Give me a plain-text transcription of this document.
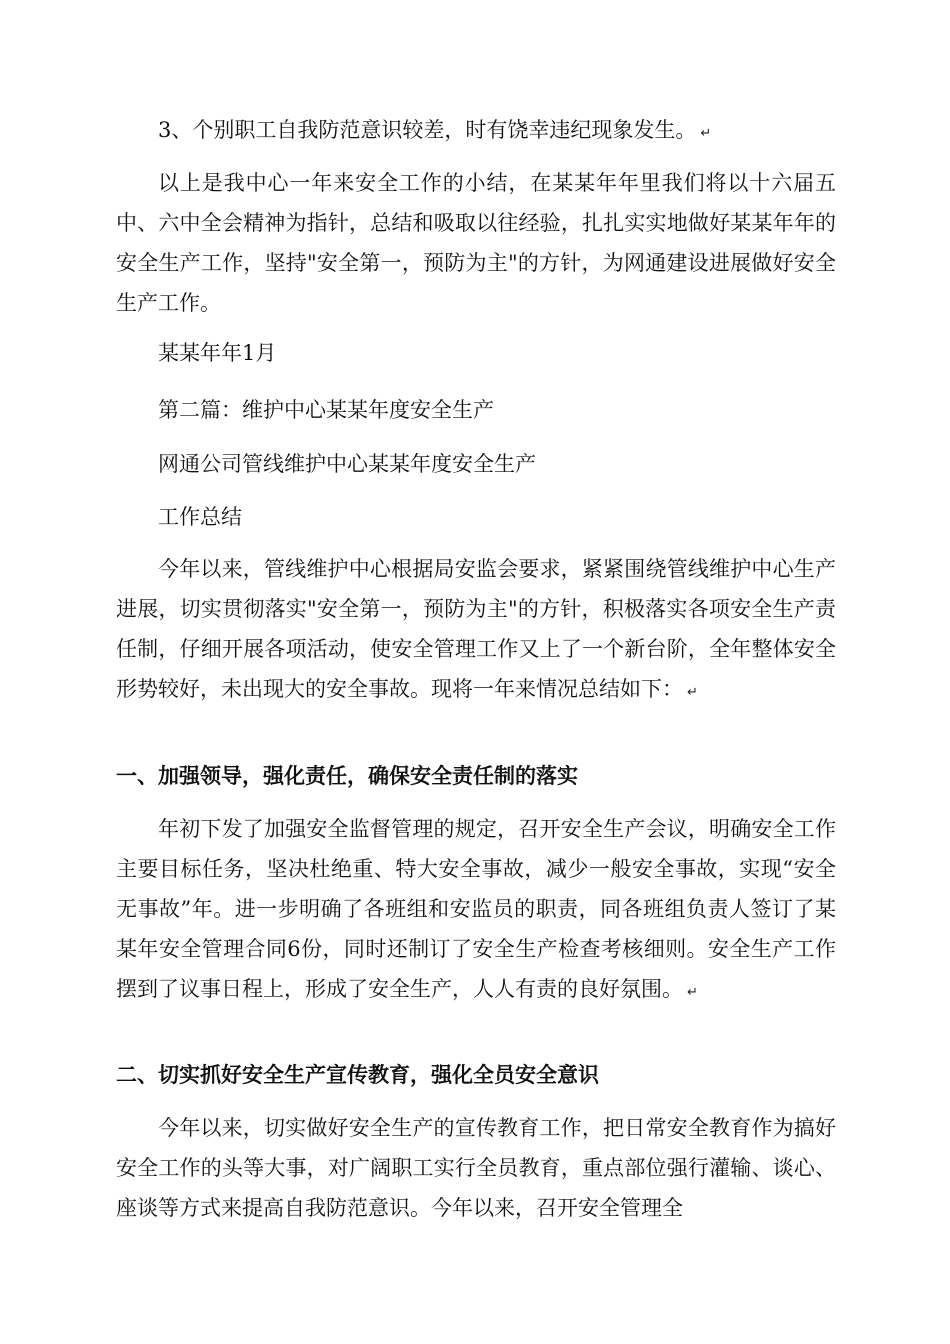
3、个别职工自我防范意识较差，时有饶幸违纪现象发生。 ↵
以上是我中心一年来安全工作的小结，在某某年年里我们将以十六届五中、六中全会精神为指针，总结和吸取以往经验，扎扎实实地做好某某年年的安全生产工作，坚持"安全第一，预防为主"的方针，为网通建设进展做好安全生产工作。
某某年年1月
第二篇：维护中心某某年度安全生产
网通公司管线维护中心某某年度安全生产
工作总结
今年以来，管线维护中心根据局安监会要求，紧紧围绕管线维护中心生产进展，切实贯彻落实"安全第一，预防为主"的方针，积极落实各项安全生产责任制，仔细开展各项活动，使安全管理工作又上了一个新台阶，全年整体安全形势较好，未出现大的安全事故。现将一年来情况总结如下： ↵
一、加强领导，强化责任，确保安全责任制的落实
年初下发了加强安全监督管理的规定，召开安全生产会议，明确安全工作主要目标任务，坚决杜绝重、特大安全事故，减少一般安全事故，实现“安全无事故”年。进一步明确了各班组和安监员的职责，同各班组负责人签订了某某年安全管理合同6份，同时还制订了安全生产检查考核细则。安全生产工作摆到了议事日程上，形成了安全生产，人人有责的良好氛围。 ↵
二、切实抓好安全生产宣传教育，强化全员安全意识
今年以来，切实做好安全生产的宣传教育工作，把日常安全教育作为搞好安全工作的头等大事，对广阔职工实行全员教育，重点部位强行灌输、谈心、座谈等方式来提高自我防范意识。今年以来，召开安全管理全
